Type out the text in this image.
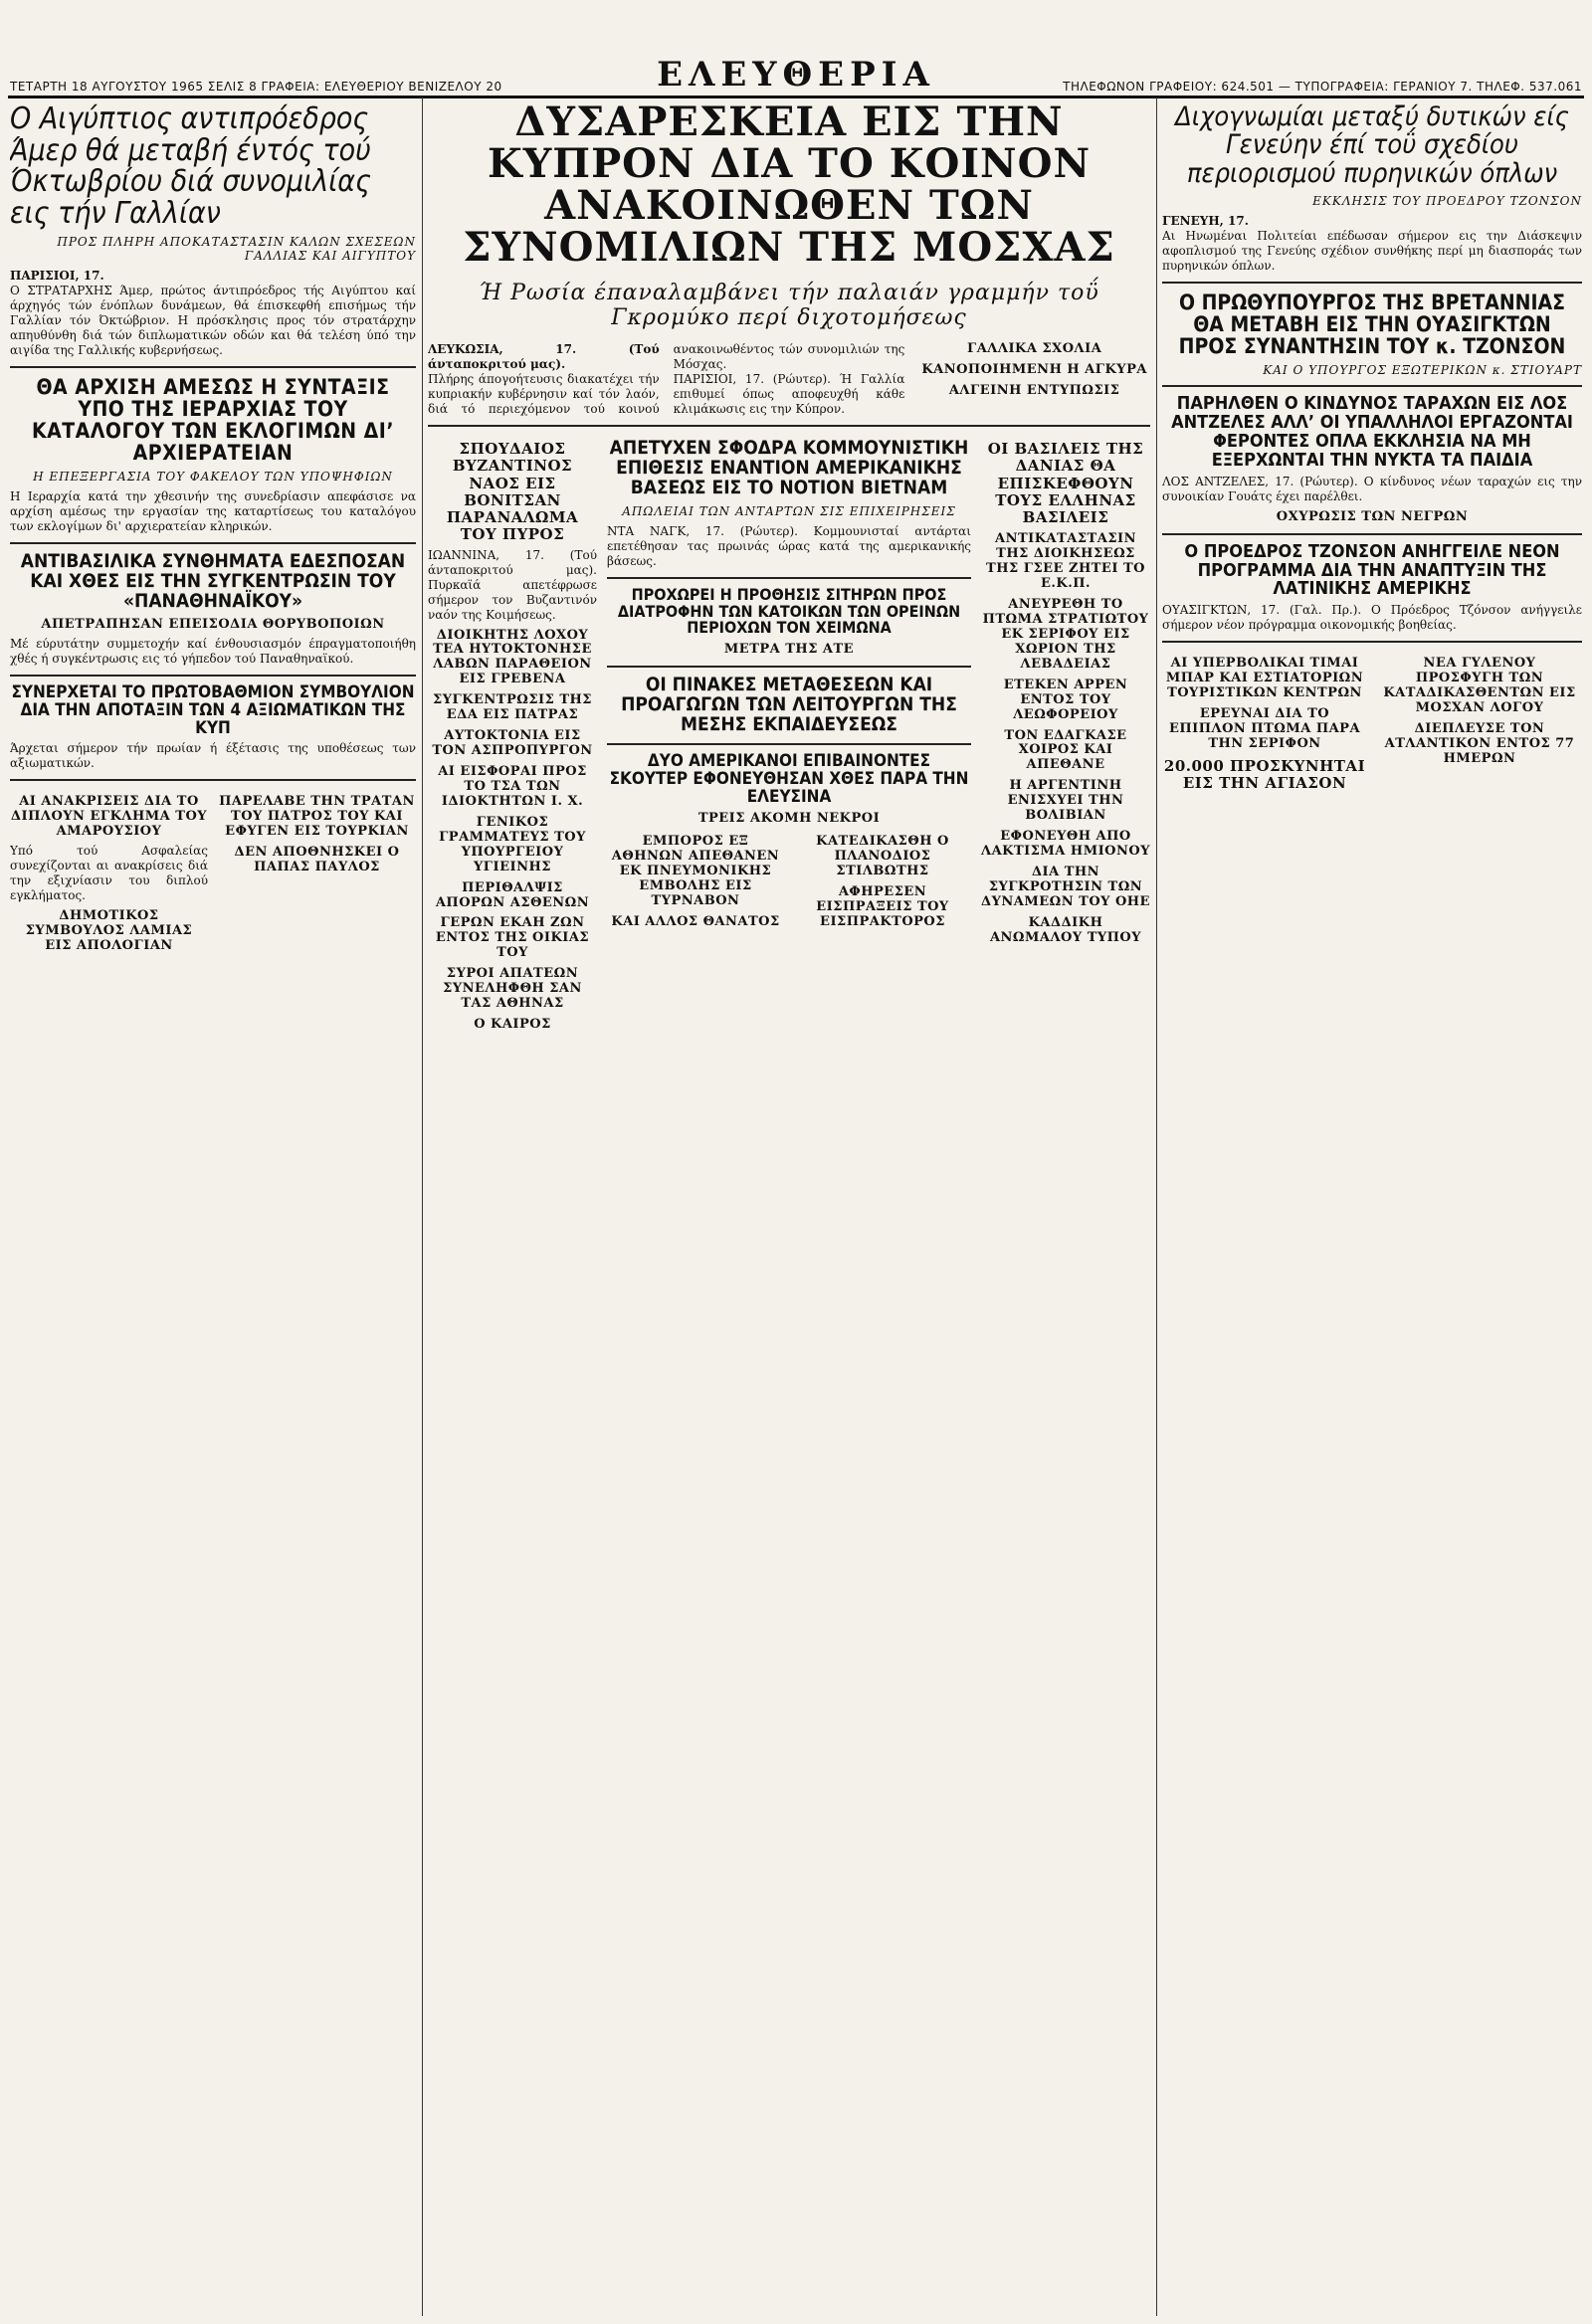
ΕΛΕΥΘΕΡΙΑ
ΤΕΤΑΡΤΗ 18 ΑΥΓΟΥΣΤΟΥ 1965 ΣΕΛΙΣ 8 ΓΡΑΦΕΙΑ: ΕΛΕΥΘΕΡΙΟΥ ΒΕΝΙΖΕΛΟΥ 20	ΤΗΛΕΦΩΝΟΝ ΓΡΑΦΕΙΟΥ: 624.501 — ΤΥΠΟΓΡΑΦΕΙΑ: ΓΕΡΑΝΙΟΥ 7. ΤΗΛΕΦ. 537.061
Ο Αιγύπτιος αντιπρόεδρος Άμερ θά μεταβή έντός τού Όκτωβρίου διά συνομιλίας εις τήν Γαλλίαν
ΠΡΟΣ ΠΛΗΡΗ ΑΠΟΚΑΤΑΣΤΑΣΙΝ ΚΑΛΩΝ ΣΧΕΣΕΩΝ ΓΑΛΛΙΑΣ ΚΑΙ ΑΙΓΥΠΤΟΥ
ΠΑΡΙΣΙΟΙ, 17.
Ο ΣΤΡΑΤΑΡΧΗΣ Άμερ, πρώτος άντιπρόεδρος τής Αιγύπτου καί άρχηγός τών ένόπλων δυνάμεων, θά έπισκεφθή επισήμως τήν Γαλλίαν τόν Όκτώβριον. Η πρόσκλησις προς τόν στρατάρχην απηυθύνθη διά τών διπλωματικών οδών και θά τελέση ύπό την αιγίδα της Γαλλικής κυβερνήσεως.
ΘΑ ΑΡΧΙΣΗ ΑΜΕΣΩΣ Η ΣΥΝΤΑΞΙΣ ΥΠΟ ΤΗΣ ΙΕΡΑΡΧΙΑΣ ΤΟΥ ΚΑΤΑΛΟΓΟΥ ΤΩΝ ΕΚΛΟΓΙΜΩΝ ΔΙ’ ΑΡΧΙΕΡΑΤΕΙΑΝ
Η ΕΠΕΞΕΡΓΑΣΙΑ ΤΟΥ ΦΑΚΕΛΟΥ ΤΩΝ ΥΠΟΨΗΦΙΩΝ
Η Ιεραρχία κατά την χθεσινήν της συνεδρίασιν απεφάσισε να αρχίση αμέσως την εργασίαν της καταρτίσεως του καταλόγου των εκλογίμων δι' αρχιερατείαν κληρικών.
ΑΝΤΙΒΑΣΙΛΙΚΑ ΣΥΝΘΗΜΑΤΑ ΕΔΕΣΠΟΣΑΝ ΚΑΙ ΧΘΕΣ ΕΙΣ ΤΗΝ ΣΥΓΚΕΝΤΡΩΣΙΝ ΤΟΥ «ΠΑΝΑΘΗΝΑΪΚΟΥ»
ΑΠΕΤΡΑΠΗΣΑΝ ΕΠΕΙΣΟΔΙΑ ΘΟΡΥΒΟΠΟΙΩΝ
Μέ εύρυτάτην συμμετοχήν καί ένθουσιασμόν έπραγματοποιήθη χθές ή συγκέντρωσις εις τό γήπεδον τού Παναθηναϊκού.
ΣΥΝΕΡΧΕΤΑΙ ΤΟ ΠΡΩΤΟΒΑΘΜΙΟΝ ΣΥΜΒΟΥΛΙΟΝ ΔΙΑ ΤΗΝ ΑΠΟΤΑΞΙΝ ΤΩΝ 4 ΑΞΙΩΜΑΤΙΚΩΝ ΤΗΣ ΚΥΠ
Άρχεται σήμερον τήν πρωίαν ή έξέτασις της υποθέσεως των αξιωματικών.
ΑΙ ΑΝΑΚΡΙΣΕΙΣ ΔΙΑ ΤΟ ΔΙΠΛΟΥΝ ΕΓΚΛΗΜΑ ΤΟΥ ΑΜΑΡΟΥΣΙΟΥ
Υπό τού Ασφαλείας συνεχίζονται αι ανακρίσεις διά την εξιχνίασιν του διπλού εγκλήματος.
ΔΗΜΟΤΙΚΟΣ ΣΥΜΒΟΥΛΟΣ ΛΑΜΙΑΣ ΕΙΣ ΑΠΟΛΟΓΙΑΝ
ΠΑΡΕΛΑΒΕ ΤΗΝ ΤΡΑΤΑΝ ΤΟΥ ΠΑΤΡΟΣ ΤΟΥ ΚΑΙ ΕΦΥΓΕΝ ΕΙΣ ΤΟΥΡΚΙΑΝ
ΔΕΝ ΑΠΟΘΝΗΣΚΕΙ Ο ΠΑΠΑΣ ΠΑΥΛΟΣ
ΔΥΣΑΡΕΣΚΕΙΑ ΕΙΣ ΤΗΝ ΚΥΠΡΟΝ ΔΙΑ ΤΟ ΚΟΙΝΟΝ ΑΝΑΚΟΙΝΩΘΕΝ ΤΩΝ ΣΥΝΟΜΙΛΙΩΝ ΤΗΣ ΜΟΣΧΑΣ
Ή Ρωσία έπαναλαμβάνει τήν παλαιάν γραμμήν τοΰ Γκρομύκο περί διχοτομήσεως
ΛΕΥΚΩΣΙΑ, 17. (Τού άνταποκριτού μας).
Πλήρης άπογοήτευσις διακατέχει τήν κυπριακήν κυβέρνησιν καί τόν λαόν, διά τό περιεχόμενον τού κοινού ανακοινωθέντος τών συνομιλιών της Μόσχας.
ΠΑΡΙΣΙΟΙ, 17. (Ρώυτερ). Ή Γαλλία επιθυμεί όπως αποφευχθή κάθε κλιμάκωσις εις την Κύπρον.
ΓΑΛΛΙΚΑ ΣΧΟΛΙΑ
ΚΑΝΟΠΟΙΗΜΕΝΗ Η ΑΓΚΥΡΑ
ΑΛΓΕΙΝΗ ΕΝΤΥΠΩΣΙΣ
ΣΠΟΥΔΑΙΟΣ ΒΥΖΑΝΤΙΝΟΣ ΝΑΟΣ ΕΙΣ ΒΟΝΙΤΣΑΝ ΠΑΡΑΝΑΛΩΜΑ ΤΟΥ ΠΥΡΟΣ
ΙΩΑΝΝΙΝΑ, 17. (Τού άνταποκριτού μας). Πυρκαϊά απετέφρωσε σήμερον τον Βυζαντινόν ναόν της Κοιμήσεως.
ΔΙΟΙΚΗΤΗΣ ΛΟΧΟΥ ΤΕΑ ΗΥΤΟΚΤΟΝΗΣΕ ΛΑΒΩΝ ΠΑΡΑΘΕΙΟΝ ΕΙΣ ΓΡΕΒΕΝΑ
ΣΥΓΚΕΝΤΡΩΣΙΣ ΤΗΣ ΕΔΑ ΕΙΣ ΠΑΤΡΑΣ
ΑΥΤΟΚΤΟΝΙΑ ΕΙΣ ΤΟΝ ΑΣΠΡΟΠΥΡΓΟΝ
ΑΙ ΕΙΣΦΟΡΑΙ ΠΡΟΣ ΤΟ ΤΣΑ ΤΩΝ ΙΔΙΟΚΤΗΤΩΝ Ι. Χ.
ΓΕΝΙΚΟΣ ΓΡΑΜΜΑΤΕΥΣ ΤΟΥ ΥΠΟΥΡΓΕΙΟΥ ΥΓΙΕΙΝΗΣ
ΠΕΡΙΘΑΛΨΙΣ ΑΠΟΡΩΝ ΑΣΘΕΝΩΝ
ΓΕΡΩΝ ΕΚΑΗ ΖΩΝ ΕΝΤΟΣ ΤΗΣ ΟΙΚΙΑΣ ΤΟΥ
ΣΥΡΟΙ ΑΠΑΤΕΩΝ ΣΥΝΕΛΗΦΘΗ ΣΑΝ ΤΑΣ ΑΘΗΝΑΣ
Ο ΚΑΙΡΟΣ
ΑΠΕΤΥΧΕΝ ΣΦΟΔΡΑ ΚΟΜΜΟΥΝΙΣΤΙΚΗ ΕΠΙΘΕΣΙΣ ΕΝΑΝΤΙΟΝ ΑΜΕΡΙΚΑΝΙΚΗΣ ΒΑΣΕΩΣ ΕΙΣ ΤΟ ΝΟΤΙΟΝ ΒΙΕΤΝΑΜ
ΑΠΩΛΕΙΑΙ ΤΩΝ ΑΝΤΑΡΤΩΝ ΣΙΣ ΕΠΙΧΕΙΡΗΣΕΙΣ
ΝΤΑ ΝΑΓΚ, 17. (Ρώυτερ). Κομμουνισταί αντάρται επετέθησαν τας πρωινάς ώρας κατά της αμερικανικής βάσεως.
ΠΡΟΧΩΡΕΙ Η ΠΡΟΘΗΣΙΣ ΣΙΤΗΡΩΝ ΠΡΟΣ ΔΙΑΤΡΟΦΗΝ ΤΩΝ ΚΑΤΟΙΚΩΝ ΤΩΝ ΟΡΕΙΝΩΝ ΠΕΡΙΟΧΩΝ ΤΟΝ ΧΕΙΜΩΝΑ
ΜΕΤΡΑ ΤΗΣ ΑΤΕ
ΟΙ ΠΙΝΑΚΕΣ ΜΕΤΑΘΕΣΕΩΝ ΚΑΙ ΠΡΟΑΓΩΓΩΝ ΤΩΝ ΛΕΙΤΟΥΡΓΩΝ ΤΗΣ ΜΕΣΗΣ ΕΚΠΑΙΔΕΥΣΕΩΣ
ΔΥΟ ΑΜΕΡΙΚΑΝΟΙ ΕΠΙΒΑΙΝΟΝΤΕΣ ΣΚΟΥΤΕΡ ΕΦΟΝΕΥΘΗΣΑΝ ΧΘΕΣ ΠΑΡΑ ΤΗΝ ΕΛΕΥΣΙΝΑ
ΤΡΕΙΣ ΑΚΟΜΗ ΝΕΚΡΟΙ
ΕΜΠΟΡΟΣ ΕΞ ΑΘΗΝΩΝ ΑΠΕΘΑΝΕΝ ΕΚ ΠΝΕΥΜΟΝΙΚΗΣ ΕΜΒΟΛΗΣ ΕΙΣ ΤΥΡΝΑΒΟΝ
ΚΑΙ ΑΛΛΟΣ ΘΑΝΑΤΟΣ
ΚΑΤΕΔΙΚΑΣΘΗ Ο ΠΛΑΝΟΔΙΟΣ ΣΤΙΛΒΩΤΗΣ
ΑΦΗΡΕΣΕΝ ΕΙΣΠΡΑΞΕΙΣ ΤΟΥ ΕΙΣΠΡΑΚΤΟΡΟΣ
ΟΙ ΒΑΣΙΛΕΙΣ ΤΗΣ ΔΑΝΙΑΣ ΘΑ ΕΠΙΣΚΕΦΘΟΥΝ ΤΟΥΣ ΕΛΛΗΝΑΣ ΒΑΣΙΛΕΙΣ
ΑΝΤΙΚΑΤΑΣΤΑΣΙΝ ΤΗΣ ΔΙΟΙΚΗΣΕΩΣ ΤΗΣ ΓΣΕΕ ΖΗΤΕΙ ΤΟ Ε.Κ.Π.
ΑΝΕΥΡΕΘΗ ΤΟ ΠΤΩΜΑ ΣΤΡΑΤΙΩΤΟΥ ΕΚ ΣΕΡΙΦΟΥ ΕΙΣ ΧΩΡΙΟΝ ΤΗΣ ΛΕΒΑΔΕΙΑΣ
ΕΤΕΚΕΝ ΑΡΡΕΝ ΕΝΤΟΣ ΤΟΥ ΛΕΩΦΟΡΕΙΟΥ
ΤΟΝ ΕΔΑΓΚΑΣΕ ΧΟΙΡΟΣ ΚΑΙ ΑΠΕΘΑΝΕ
Η ΑΡΓΕΝΤΙΝΗ ΕΝΙΣΧΥΕΙ ΤΗΝ ΒΟΛΙΒΙΑΝ
ΕΦΟΝΕΥΘΗ ΑΠΟ ΛΑΚΤΙΣΜΑ ΗΜΙΟΝΟΥ
ΔΙΑ ΤΗΝ ΣΥΓΚΡΟΤΗΣΙΝ ΤΩΝ ΔΥΝΑΜΕΩΝ ΤΟΥ ΟΗΕ
ΚΑΔΔΙΚΗ ΑΝΩΜΑΛΟΥ ΤΥΠΟΥ
Διχογνωμίαι μεταξύ δυτικών είς Γενεύην έπί τοΰ σχεδίου περιορισμού πυρηνικών όπλων
ΕΚΚΛΗΣΙΣ ΤΟΥ ΠΡΟΕΔΡΟΥ ΤΖΟΝΣΟΝ
ΓΕΝΕΥΗ, 17.
Αι Ηνωμέναι Πολιτείαι επέδωσαν σήμερον εις την Διάσκεψιν αφοπλισμού της Γενεύης σχέδιον συνθήκης περί μη διασποράς των πυρηνικών όπλων.
Ο ΠΡΩΘΥΠΟΥΡΓΟΣ ΤΗΣ ΒΡΕΤΑΝΝΙΑΣ ΘΑ ΜΕΤΑΒΗ ΕΙΣ ΤΗΝ ΟΥΑΣΙΓΚΤΩΝ ΠΡΟΣ ΣΥΝΑΝΤΗΣΙΝ ΤΟΥ κ. ΤΖΟΝΣΟΝ
ΚΑΙ Ο ΥΠΟΥΡΓΟΣ ΕΞΩΤΕΡΙΚΩΝ κ. ΣΤΙΟΥΑΡΤ
ΠΑΡΗΛΘΕΝ Ο ΚΙΝΔΥΝΟΣ ΤΑΡΑΧΩΝ ΕΙΣ ΛΟΣ ΑΝΤΖΕΛΕΣ ΑΛΛ’ ΟΙ ΥΠΑΛΛΗΛΟΙ ΕΡΓΑΖΟΝΤΑΙ ΦΕΡΟΝΤΕΣ ΟΠΛΑ ΕΚΚΛΗΣΙΑ ΝΑ ΜΗ ΕΞΕΡΧΩΝΤΑΙ ΤΗΝ ΝΥΚΤΑ ΤΑ ΠΑΙΔΙΑ
ΛΟΣ ΑΝΤΖΕΛΕΣ, 17. (Ρώυτερ). Ο κίνδυνος νέων ταραχών εις την συνοικίαν Γουάτς έχει παρέλθει.
ΟΧΥΡΩΣΙΣ ΤΩΝ ΝΕΓΡΩΝ
Ο ΠΡΟΕΔΡΟΣ ΤΖΟΝΣΟΝ ΑΝΗΓΓΕΙΛΕ ΝΕΟΝ ΠΡΟΓΡΑΜΜΑ ΔΙΑ ΤΗΝ ΑΝΑΠΤΥΞΙΝ ΤΗΣ ΛΑΤΙΝΙΚΗΣ ΑΜΕΡΙΚΗΣ
ΟΥΑΣΙΓΚΤΩΝ, 17. (Γαλ. Πρ.). Ο Πρόεδρος Τζόνσον ανήγγειλε σήμερον νέον πρόγραμμα οικονομικής βοηθείας.
ΑΙ ΥΠΕΡΒΟΛΙΚΑΙ ΤΙΜΑΙ ΜΠΑΡ ΚΑΙ ΕΣΤΙΑΤΟΡΙΩΝ ΤΟΥΡΙΣΤΙΚΩΝ ΚΕΝΤΡΩΝ
ΕΡΕΥΝΑΙ ΔΙΑ ΤΟ ΕΠΙΠΛΟΝ ΠΤΩΜΑ ΠΑΡΑ ΤΗΝ ΣΕΡΙΦΟΝ
20.000 ΠΡΟΣΚΥΝΗΤΑΙ ΕΙΣ ΤΗΝ ΑΓΙΑΣΟΝ
ΝΕΑ ΓΥΛΕΝΟΥ ΠΡΟΣΦΥΓΗ ΤΩΝ ΚΑΤΑΔΙΚΑΣΘΕΝΤΩΝ ΕΙΣ ΜΟΣΧΑΝ ΛΟΓΟΥ
ΔΙΕΠΛΕΥΣΕ ΤΟΝ ΑΤΛΑΝΤΙΚΟΝ ΕΝΤΟΣ 77 ΗΜΕΡΩΝ
